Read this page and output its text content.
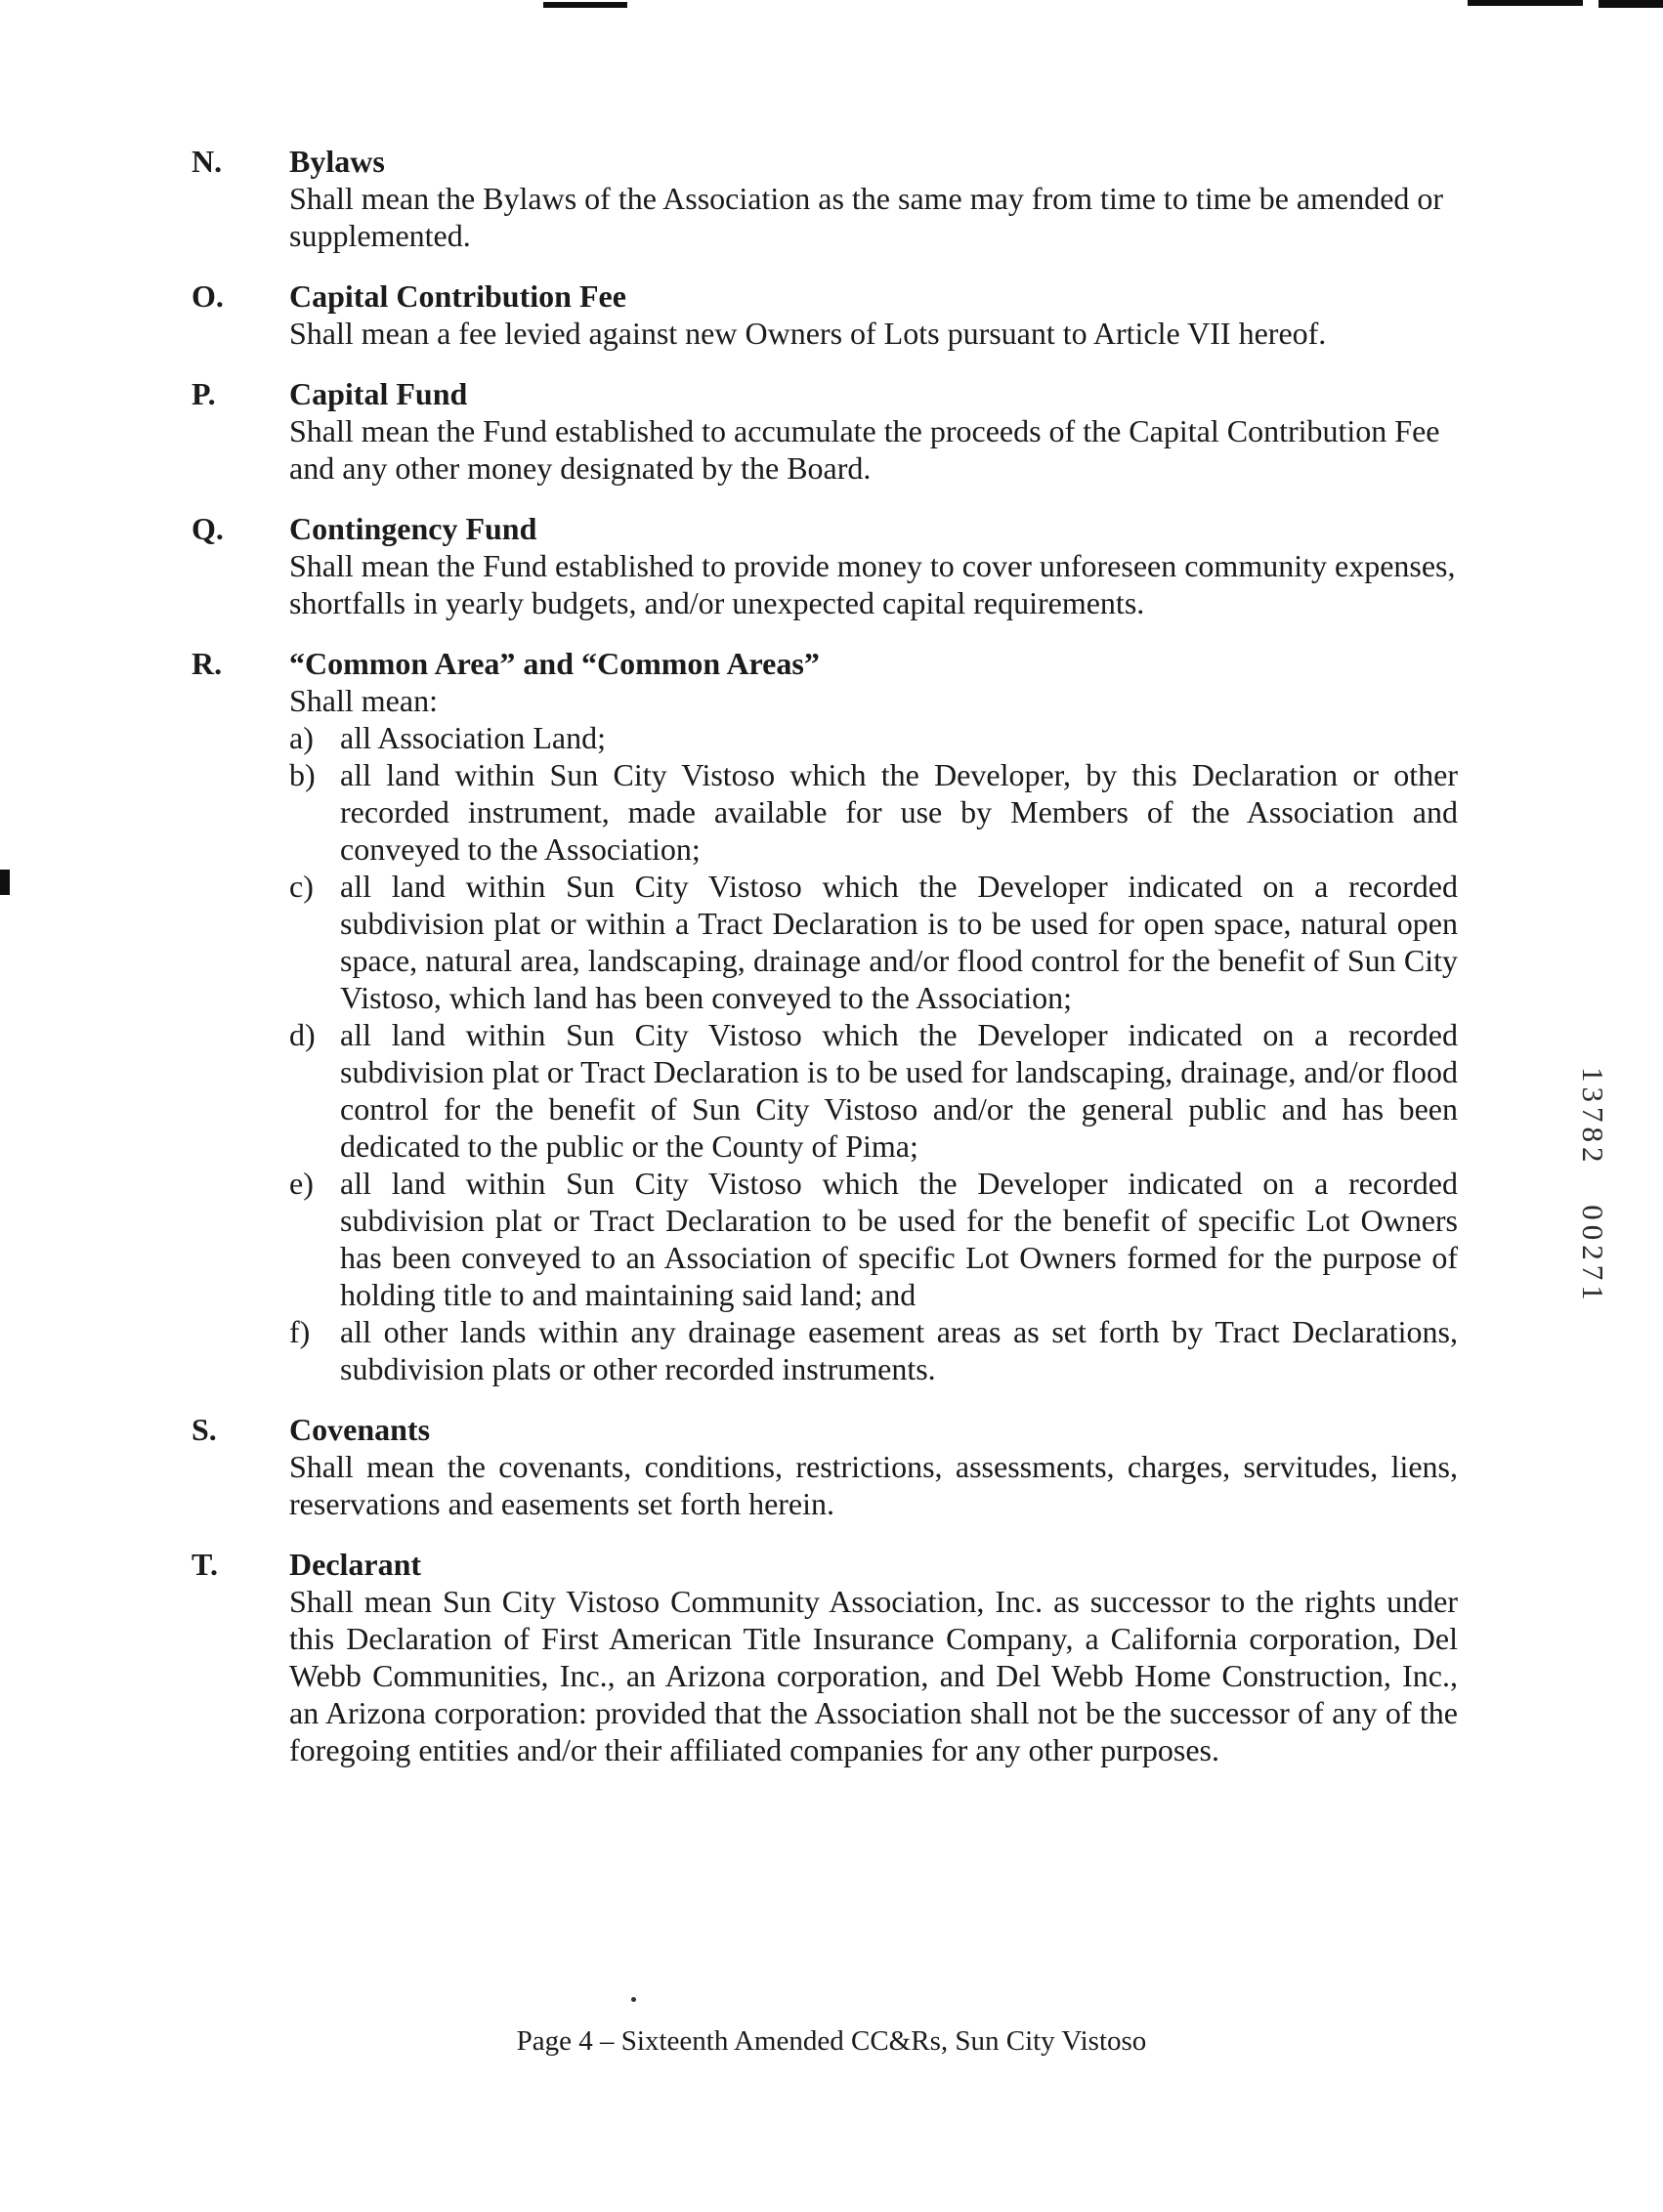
N.	Bylaws
Shall mean the Bylaws of the Association as the same may from time to time be amended or supplemented.
O.	Capital Contribution Fee
Shall mean a fee levied against new Owners of Lots pursuant to Article VII hereof.
P.	Capital Fund
Shall mean the Fund established to accumulate the proceeds of the Capital Contribution Fee and any other money designated by the Board.
Q.	Contingency Fund
Shall mean the Fund established to provide money to cover unforeseen community expenses, shortfalls in yearly budgets, and/or unexpected capital requirements.
R.	“Common Area” and “Common Areas”
Shall mean:
a) all Association Land;
b) all land within Sun City Vistoso which the Developer, by this Declaration or other recorded instrument, made available for use by Members of the Association and conveyed to the Association;
c) all land within Sun City Vistoso which the Developer indicated on a recorded subdivision plat or within a Tract Declaration is to be used for open space, natural open space, natural area, landscaping, drainage and/or flood control for the benefit of Sun City Vistoso, which land has been conveyed to the Association;
d) all land within Sun City Vistoso which the Developer indicated on a recorded subdivision plat or Tract Declaration is to be used for landscaping, drainage, and/or flood control for the benefit of Sun City Vistoso and/or the general public and has been dedicated to the public or the County of Pima;
e) all land within Sun City Vistoso which the Developer indicated on a recorded subdivision plat or Tract Declaration to be used for the benefit of specific Lot Owners has been conveyed to an Association of specific Lot Owners formed for the purpose of holding title to and maintaining said land; and
f) all other lands within any drainage easement areas as set forth by Tract Declarations, subdivision plats or other recorded instruments.
S.	Covenants
Shall mean the covenants, conditions, restrictions, assessments, charges, servitudes, liens, reservations and easements set forth herein.
T.	Declarant
Shall mean Sun City Vistoso Community Association, Inc. as successor to the rights under this Declaration of First American Title Insurance Company, a California corporation, Del Webb Communities, Inc., an Arizona corporation, and Del Webb Home Construction, Inc., an Arizona corporation: provided that the Association shall not be the successor of any of the foregoing entities and/or their affiliated companies for any other purposes.
13782 00271
Page 4 – Sixteenth Amended CC&Rs, Sun City Vistoso
